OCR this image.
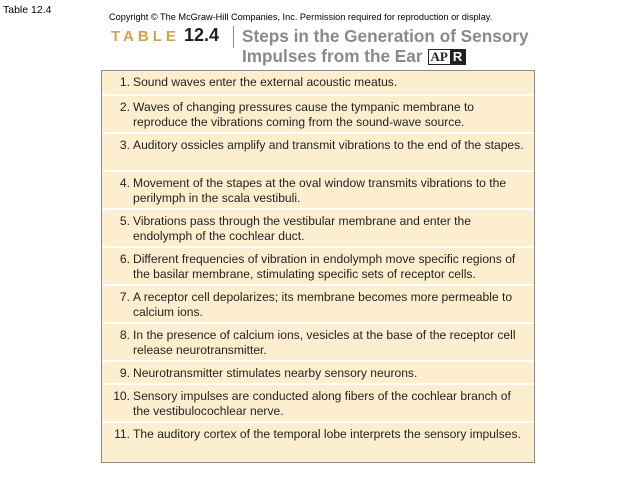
Table 12.4
Copyright © The McGraw-Hill Companies, Inc. Permission required for reproduction or display.
TABLE 12.4 Steps in the Generation of Sensory
Impulses from the Ear AP R
1. Sound waves enter the external acoustic meatus.
2. Waves of changing pressures cause the tympanic membrane to reproduce the vibrations coming from the sound-wave source.
3. Auditory ossicles amplify and transmit vibrations to the end of the stapes.
4. Movement of the stapes at the oval window transmits vibrations to the perilymph in the scala vestibuli.
5. Vibrations pass through the vestibular membrane and enter the endolymph of the cochlear duct.
6. Different frequencies of vibration in endolymph move specific regions of the basilar membrane, stimulating specific sets of receptor cells.
7. A receptor cell depolarizes; its membrane becomes more permeable to calcium ions.
8. In the presence of calcium ions, vesicles at the base of the receptor cell release neurotransmitter.
9. Neurotransmitter stimulates nearby sensory neurons.
10. Sensory impulses are conducted along fibers of the cochlear branch of the vestibulocochlear nerve.
11. The auditory cortex of the temporal lobe interprets the sensory impulses.
